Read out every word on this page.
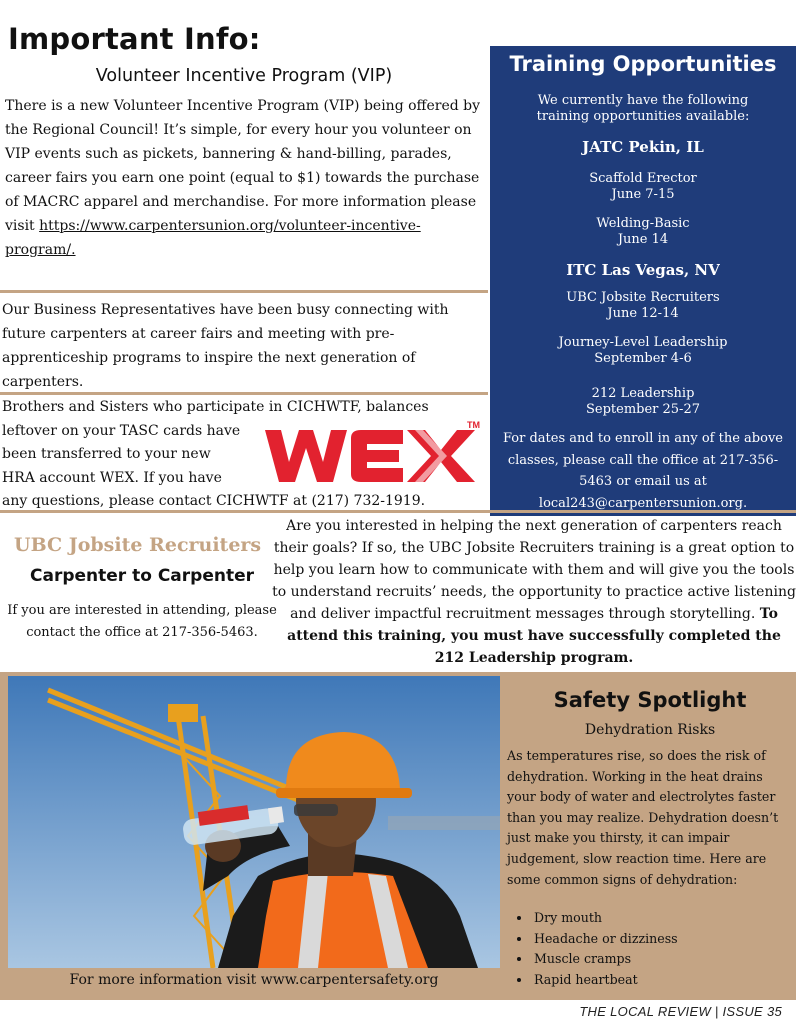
Important Info:
Volunteer Incentive Program (VIP)
There is a new Volunteer Incentive Program (VIP) being offered by the Regional Council! It’s simple, for every hour you volunteer on VIP events such as pickets, bannering & hand-billing, parades, career fairs you earn one point (equal to $1) towards the purchase of MACRC apparel and merchandise. For more information please visit https://www.carpentersunion.org/volunteer-incentive-program/.
Our Business Representatives have been busy connecting with future carpenters at career fairs and meeting with pre-apprenticeship programs to inspire the next generation of carpenters.
Brothers and Sisters who participate in CICHWTF, balances
leftover on your TASC cards have
been transferred to your new
HRA account WEX. If you have
any questions, please contact CICHWTF at (217) 732-1919.
TM
Training Opportunities
We currently have the following training opportunities available:
JATC Pekin, IL
Scaffold Erector
June 7-15
Welding-Basic
June 14
ITC Las Vegas, NV
UBC Jobsite Recruiters
June 12-14
Journey-Level Leadership
September 4-6
212 Leadership
September 25-27
For dates and to enroll in any of the above
classes, please call the office at 217-356-
5463 or email us at
local243@carpentersunion.org.
UBC Jobsite Recruiters
Carpenter to Carpenter
If you are interested in attending, please contact the office at 217-356-5463.
Are you interested in helping the next generation of carpenters reach their goals? If so, the UBC Jobsite Recruiters training is a great option to help you learn how to communicate with them and will give you the tools to understand recruits’ needs, the opportunity to practice active listening and deliver impactful recruitment messages through storytelling. To attend this training, you must have successfully completed the 212 Leadership program.
For more information visit www.carpentersafety.org
Safety Spotlight
Dehydration Risks
As temperatures rise, so does the risk of dehydration. Working in the heat drains your body of water and electrolytes faster than you may realize. Dehydration doesn’t just make you thirsty, it can impair judgement, slow reaction time. Here are some common signs of dehydration:
• Dry mouth
• Headache or dizziness
• Muscle cramps
• Rapid heartbeat
THE LOCAL REVIEW | ISSUE 35
